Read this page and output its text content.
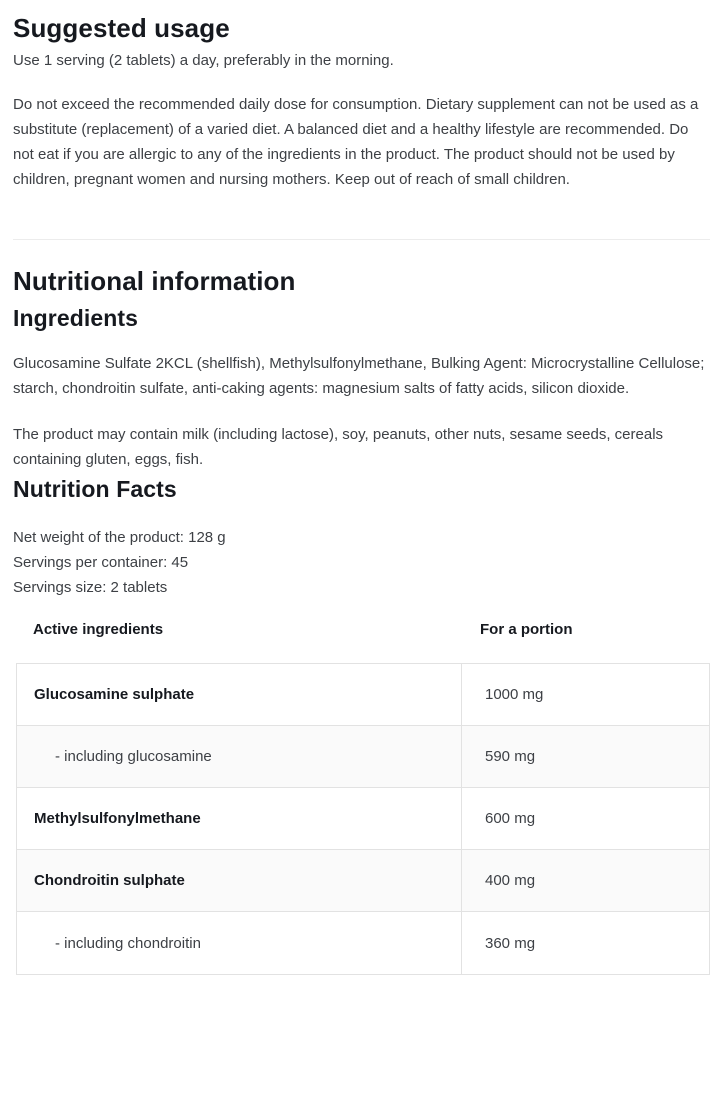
Suggested usage

Use 1 serving (2 tablets) a day, preferably in the morning.

Do not exceed the recommended daily dose for consumption. Dietary supplement can not be used as a substitute (replacement) of a varied diet. A balanced diet and a healthy lifestyle are recommended. Do not eat if you are allergic to any of the ingredients in the product. The product should not be used by children, pregnant women and nursing mothers. Keep out of reach of small children.

Nutritional information
Ingredients

Glucosamine Sulfate 2KCL (shellfish), Methylsulfonylmethane, Bulking Agent: Microcrystalline Cellulose; starch, chondroitin sulfate, anti-caking agents: magnesium salts of fatty acids, silicon dioxide.

The product may contain milk (including lactose), soy, peanuts, other nuts, sesame seeds, cereals containing gluten, eggs, fish.

Nutrition Facts
Net weight of the product: 128 g
Servings per container: 45
Servings size: 2 tablets
Active ingredients	For a portion
Glucosamine sulphate	1000 mg
- including glucosamine	590 mg
Methylsulfonylmethane	600 mg
Chondroitin sulphate	400 mg
- including chondroitin	360 mg
